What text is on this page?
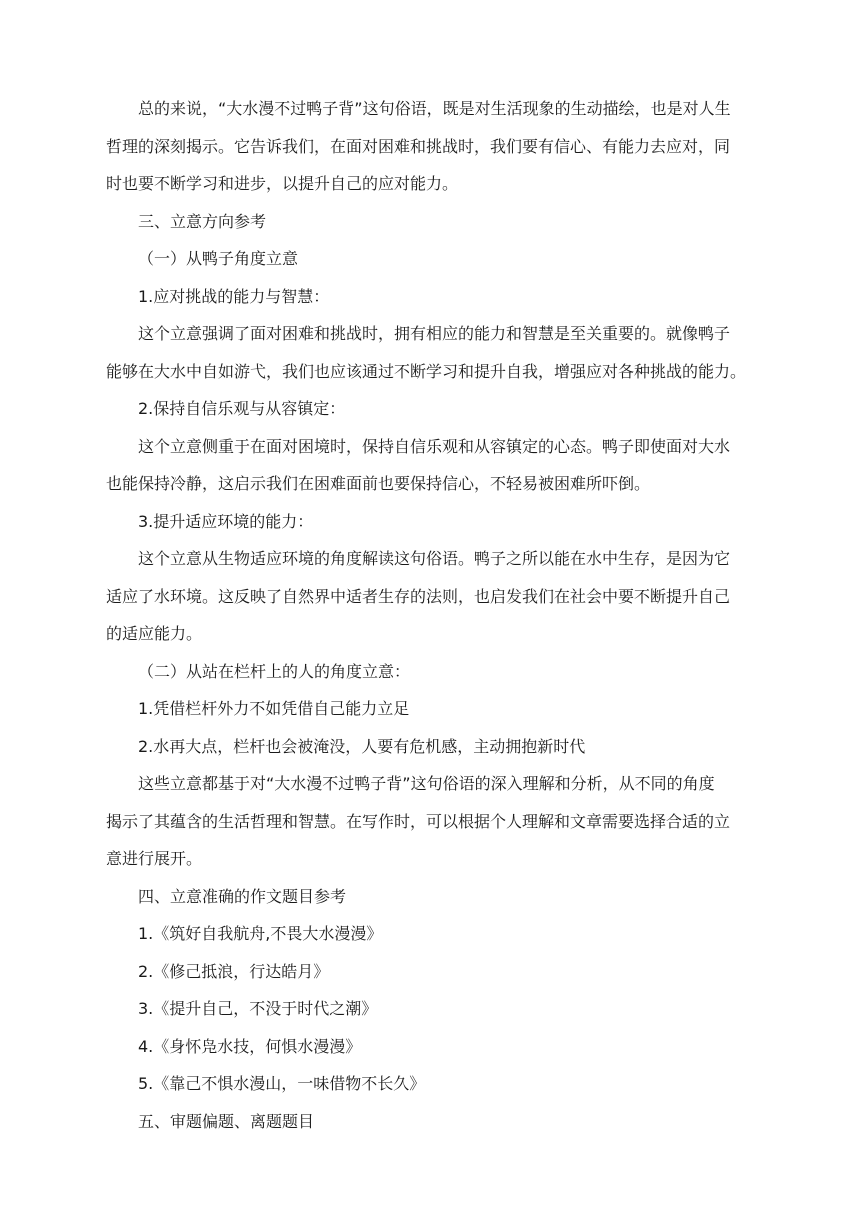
总的来说，“大水漫不过鸭子背”这句俗语，既是对生活现象的生动描绘，也是对人生

哲理的深刻揭示。它告诉我们，在面对困难和挑战时，我们要有信心、有能力去应对，同

时也要不断学习和进步，以提升自己的应对能力。

三、立意方向参考

（一）从鸭子角度立意

1.应对挑战的能力与智慧：

这个立意强调了面对困难和挑战时，拥有相应的能力和智慧是至关重要的。就像鸭子

能够在大水中自如游弋，我们也应该通过不断学习和提升自我，增强应对各种挑战的能力。

2.保持自信乐观与从容镇定：

这个立意侧重于在面对困境时，保持自信乐观和从容镇定的心态。鸭子即使面对大水

也能保持冷静，这启示我们在困难面前也要保持信心，不轻易被困难所吓倒。

3.提升适应环境的能力：

这个立意从生物适应环境的角度解读这句俗语。鸭子之所以能在水中生存，是因为它

适应了水环境。这反映了自然界中适者生存的法则，也启发我们在社会中要不断提升自己

的适应能力。

（二）从站在栏杆上的人的角度立意：

1.凭借栏杆外力不如凭借自己能力立足

2.水再大点，栏杆也会被淹没，人要有危机感，主动拥抱新时代

这些立意都基于对“大水漫不过鸭子背”这句俗语的深入理解和分析，从不同的角度

揭示了其蕴含的生活哲理和智慧。在写作时，可以根据个人理解和文章需要选择合适的立

意进行展开。

四、立意准确的作文题目参考

1.《筑好自我航舟,不畏大水漫漫》

2.《修己抵浪，行达皓月》

3.《提升自己，不没于时代之潮》

4.《身怀凫水技，何惧水漫漫》

5.《靠己不惧水漫山，一味借物不长久》

五、审题偏题、离题题目
